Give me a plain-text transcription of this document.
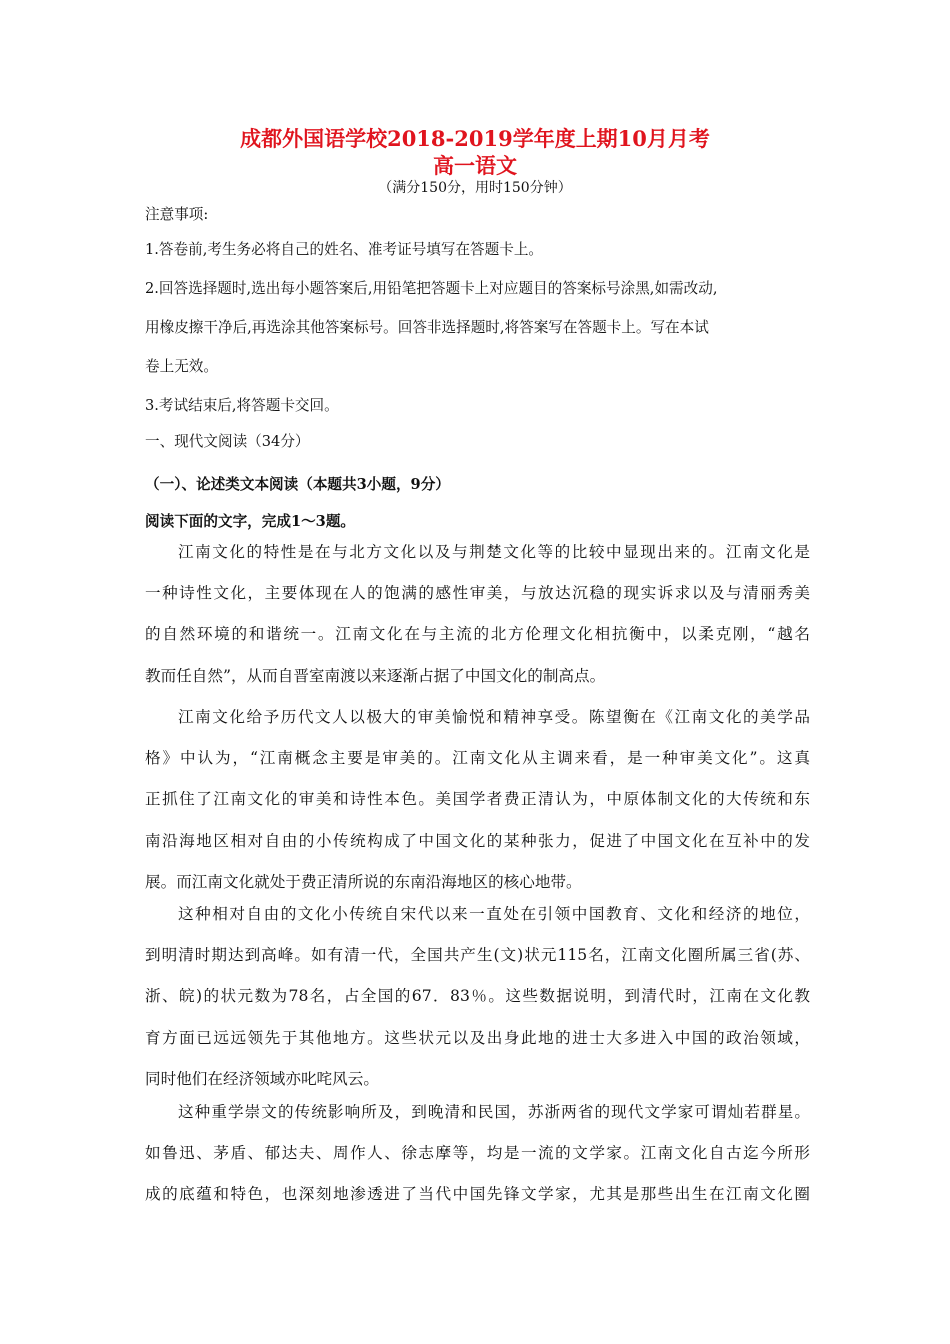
成都外国语学校2018-2019学年度上期10月月考
高一语文
（满分150分，用时150分钟）
注意事项:
1.答卷前,考生务必将自己的姓名、准考证号填写在答题卡上。
2.回答选择题时,选出每小题答案后,用铅笔把答题卡上对应题目的答案标号涂黑,如需改动,
用橡皮擦干净后,再选涂其他答案标号。回答非选择题时,将答案写在答题卡上。写在本试
卷上无效。
3.考试结束后,将答题卡交回。
一、现代文阅读（34分）
（一）、论述类文本阅读（本题共3小题，9分）
阅读下面的文字，完成1～3题。
江南文化的特性是在与北方文化以及与荆楚文化等的比较中显现出来的。江南文化是
一种诗性文化，主要体现在人的饱满的感性审美，与放达沉稳的现实诉求以及与清丽秀美
的自然环境的和谐统一。江南文化在与主流的北方伦理文化相抗衡中，以柔克刚，“越名
教而任自然”，从而自晋室南渡以来逐渐占据了中国文化的制高点。
江南文化给予历代文人以极大的审美愉悦和精神享受。陈望衡在《江南文化的美学品
格》中认为，“江南概念主要是审美的。江南文化从主调来看，是一种审美文化”。这真
正抓住了江南文化的审美和诗性本色。美国学者费正清认为，中原体制文化的大传统和东
南沿海地区相对自由的小传统构成了中国文化的某种张力，促进了中国文化在互补中的发
展。而江南文化就处于费正清所说的东南沿海地区的核心地带。
这种相对自由的文化小传统自宋代以来一直处在引领中国教育、文化和经济的地位，
到明清时期达到高峰。如有清一代，全国共产生(文)状元115名，江南文化圈所属三省(苏、
浙、皖)的状元数为78名，占全国的67．83％。这些数据说明，到清代时，江南在文化教
育方面已远远领先于其他地方。这些状元以及出身此地的进士大多进入中国的政治领域，
同时他们在经济领域亦叱咤风云。
这种重学崇文的传统影响所及，到晚清和民国，苏浙两省的现代文学家可谓灿若群星。
如鲁迅、茅盾、郁达夫、周作人、徐志摩等，均是一流的文学家。江南文化自古迄今所形
成的底蕴和特色，也深刻地渗透进了当代中国先锋文学家，尤其是那些出生在江南文化圈
